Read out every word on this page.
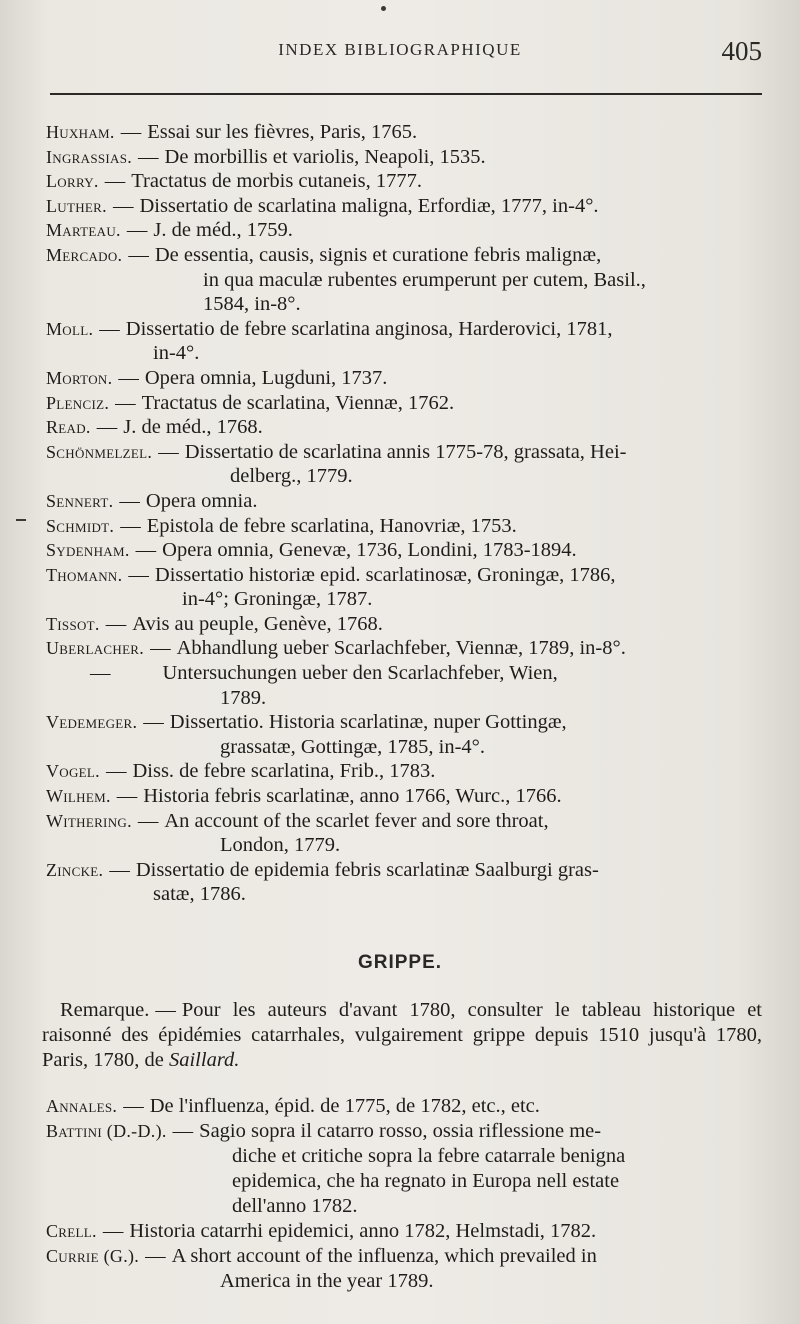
INDEX BIBLIOGRAPHIQUE	405
Huxham. — Essai sur les fièvres, Paris, 1765.
Ingrassias. — De morbillis et variolis, Neapoli, 1535.
Lorry. — Tractatus de morbis cutaneis, 1777.
Luther. — Dissertatio de scarlatina maligna, Erfordiæ, 1777, in-4°.
Marteau. — J. de méd., 1759.
Mercado. — De essentia, causis, signis et curatione febris malignæ,
in qua maculæ rubentes erumperunt per cutem, Basil.,
1584, in-8°.
Moll. — Dissertatio de febre scarlatina anginosa, Harderovici, 1781,
in-4°.
Morton. — Opera omnia, Lugduni, 1737.
Plenciz. — Tractatus de scarlatina, Viennæ, 1762.
Read. — J. de méd., 1768.
Schönmelzel. — Dissertatio de scarlatina annis 1775-78, grassata, Hei-
delberg., 1779.
Sennert. — Opera omnia.
Schmidt. — Epistola de febre scarlatina, Hanovriæ, 1753.
Sydenham. — Opera omnia, Genevæ, 1736, Londini, 1783-1894.
Thomann. — Dissertatio historiæ epid. scarlatinosæ, Groningæ, 1786,
in-4°; Groningæ, 1787.
Tissot. — Avis au peuple, Genève, 1768.
Uberlacher. — Abhandlung ueber Scarlachfeber, Viennæ, 1789, in-8°.
—	Untersuchungen ueber den Scarlachfeber, Wien,
1789.
Vedemeger. — Dissertatio. Historia scarlatinæ, nuper Gottingæ,
grassatæ, Gottingæ, 1785, in-4°.
Vogel. — Diss. de febre scarlatina, Frib., 1783.
Wilhem. — Historia febris scarlatinæ, anno 1766, Wurc., 1766.
Withering. — An account of the scarlet fever and sore throat,
London, 1779.
Zincke. — Dissertatio de epidemia febris scarlatinæ Saalburgi gras-
satæ, 1786.
GRIPPE.
Remarque. — Pour les auteurs d'avant 1780, consulter le tableau historique et raisonné des épidémies catarrhales, vulgairement grippe depuis 1510 jusqu'à 1780, Paris, 1780, de Saillard.
Annales. — De l'influenza, épid. de 1775, de 1782, etc., etc.
Battini (D.-D.). — Sagio sopra il catarro rosso, ossia riflessione me-
diche et critiche sopra la febre catarrale benigna
epidemica, che ha regnato in Europa nell estate
dell'anno 1782.
Crell. — Historia catarrhi epidemici, anno 1782, Helmstadi, 1782.
Currie (G.). — A short account of the influenza, which prevailed in
America in the year 1789.
